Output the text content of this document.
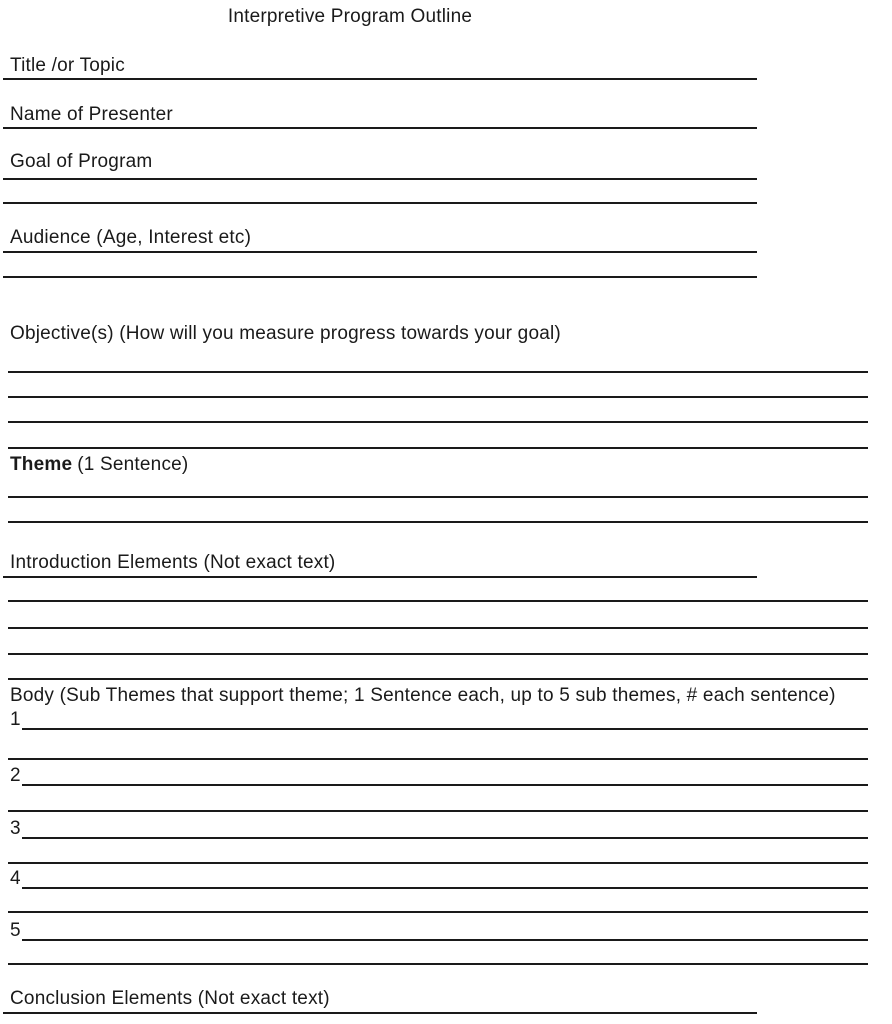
Interpretive Program Outline
Title /or Topic
Name of Presenter
Goal of Program
Audience (Age, Interest etc)
Objective(s) (How will you measure progress towards your goal)
Theme (1 Sentence)
Introduction Elements (Not exact text)
Body (Sub Themes that support theme; 1 Sentence each, up to 5 sub themes, # each sentence)
1
2
3
4
5
Conclusion Elements (Not exact text)
